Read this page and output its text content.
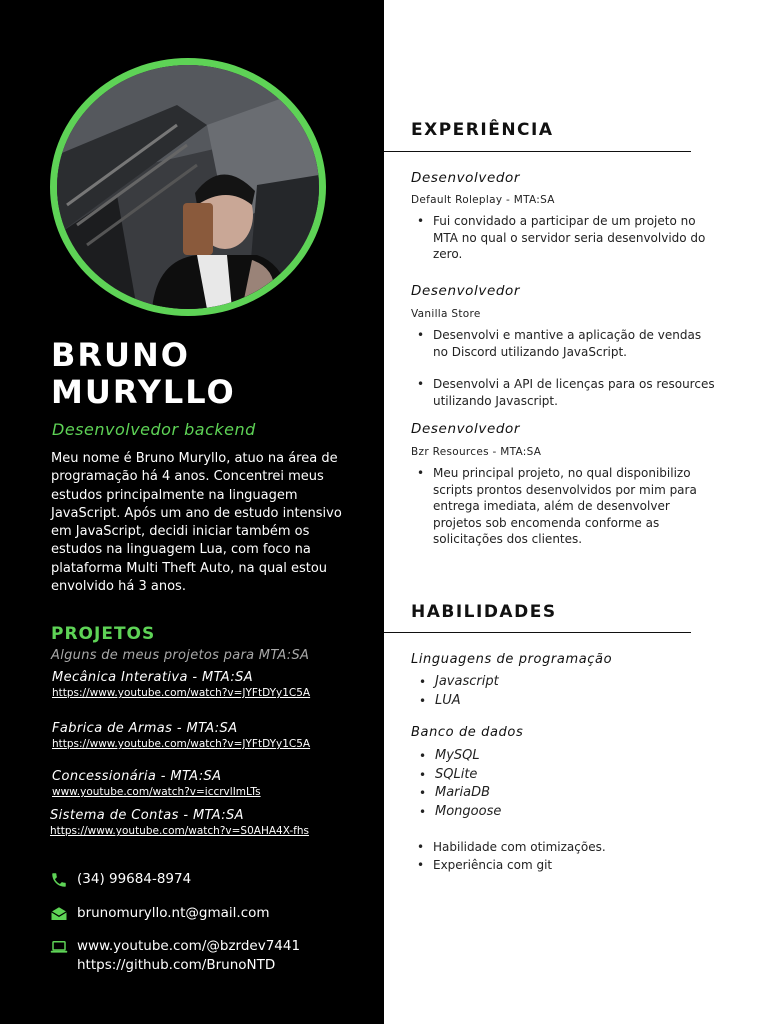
BRUNO
MURYLLO
Desenvolvedor backend
Meu nome é Bruno Muryllo, atuo na área de programação há 4 anos. Concentrei meus estudos principalmente na linguagem JavaScript. Após um ano de estudo intensivo em JavaScript, decidi iniciar também os estudos na linguagem Lua, com foco na plataforma Multi Theft Auto, na qual estou envolvido há 3 anos.
PROJETOS
Alguns de meus projetos para MTA:SA
Mecânica Interativa - MTA:SA
https://www.youtube.com/watch?v=JYFtDYy1C5A
Fabrica de Armas - MTA:SA
https://www.youtube.com/watch?v=JYFtDYy1C5A
Concessionária - MTA:SA
www.youtube.com/watch?v=iccrvlImLTs
Sistema de Contas - MTA:SA
https://www.youtube.com/watch?v=S0AHA4X-fhs
(34) 99684-8974
brunomuryllo.nt@gmail.com
www.youtube.com/@bzrdev7441
https://github.com/BrunoNTD
EXPERIÊNCIA
Desenvolvedor
Default Roleplay - MTA:SA
• Fui convidado a participar de um projeto no MTA no qual o servidor seria desenvolvido do zero.
Desenvolvedor
Vanilla Store
• Desenvolvi e mantive a aplicação de vendas no Discord utilizando JavaScript.
• Desenvolvi a API de licenças para os resources utilizando Javascript.
Desenvolvedor
Bzr Resources - MTA:SA
• Meu principal projeto, no qual disponibilizo scripts prontos desenvolvidos por mim para entrega imediata, além de desenvolver projetos sob encomenda conforme as solicitações dos clientes.
HABILIDADES
Linguagens de programação
• Javascript
• LUA
Banco de dados
• MySQL
• SQLite
• MariaDB
• Mongoose
• Habilidade com otimizações.
• Experiência com git
